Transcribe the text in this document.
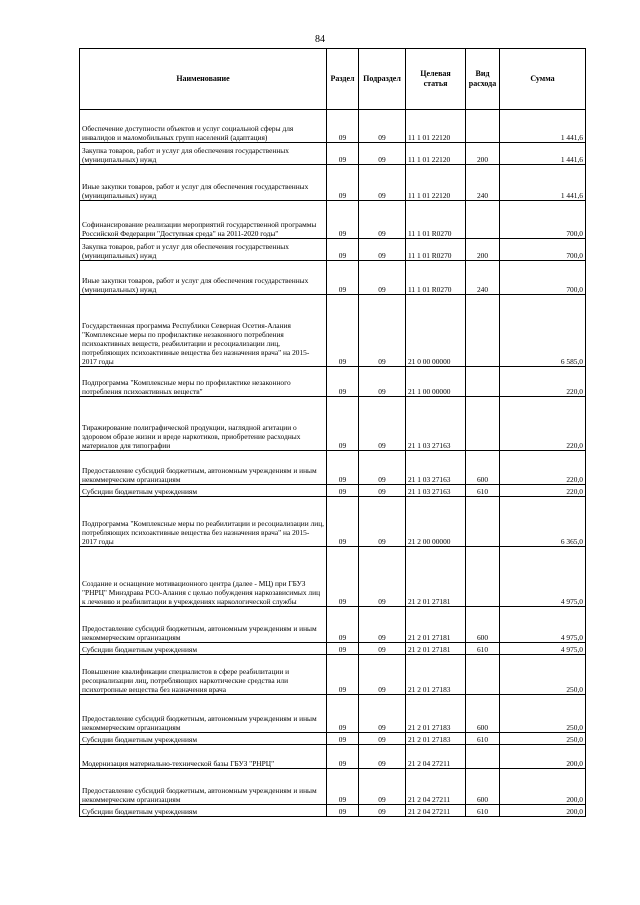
84
Наименование	Раздел	Подраздел	Целевая статья	Вид расхода	Сумма
Обеспечение доступности объектов и услуг социальной сферы для инвалидов и маломобильных групп населений (адаптация)	09	09	11 1 01 22120		1 441,6
Закупка товаров, работ и услуг для обеспечения государственных (муниципальных) нужд	09	09	11 1 01 22120	200	1 441,6
Иные закупки товаров, работ и услуг для обеспечения государственных (муниципальных) нужд	09	09	11 1 01 22120	240	1 441,6
Софинансирование реализации мероприятий государственной программы Российской Федерации "Доступная среда" на 2011-2020 годы"	09	09	11 1 01 R0270		700,0
Закупка товаров, работ и услуг для обеспечения государственных (муниципальных) нужд	09	09	11 1 01 R0270	200	700,0
Иные закупки товаров, работ и услуг для обеспечения государственных (муниципальных) нужд	09	09	11 1 01 R0270	240	700,0
Государственная программа Республики Северная Осетия-Алания "Комплексные меры по профилактике незаконного потребления психоактивных веществ, реабилитации и ресоциализации лиц, потребляющих психоактивные вещества без назначения врача" на 2015-2017 годы	09	09	21 0 00 00000		6 585,0
Подпрограмма "Комплексные меры по профилактике незаконного потребления психоактивных веществ"	09	09	21 1 00 00000		220,0
Тиражирование полиграфической продукции, наглядной агитации о здоровом образе жизни и вреде наркотиков, приобретение расходных материалов для типографии	09	09	21 1 03 27163		220,0
Предоставление субсидий бюджетным, автономным учреждениям и иным некоммерческим организациям	09	09	21 1 03 27163	600	220,0
Субсидии бюджетным учреждениям	09	09	21 1 03 27163	610	220,0
Подпрограмма "Комплексные меры по реабилитации и ресоциализации лиц, потребляющих психоактивные вещества без назначения врача" на 2015-2017 годы	09	09	21 2 00 00000		6 365,0
Создание и оснащение мотивационного центра (далее - МЦ) при ГБУЗ "РНРЦ" Минздрава РСО-Алания с целью побуждения наркозависимых лиц к лечению и реабилитации в учреждениях наркологической службы	09	09	21 2 01 27181		4 975,0
Предоставление субсидий бюджетным, автономным учреждениям и иным некоммерческим организациям	09	09	21 2 01 27181	600	4 975,0
Субсидии бюджетным учреждениям	09	09	21 2 01 27181	610	4 975,0
Повышение квалификации специалистов в сфере реабилитации и ресоциализации лиц, потребляющих наркотические средства или психотропные вещества без назначения врача	09	09	21 2 01 27183		250,0
Предоставление субсидий бюджетным, автономным учреждениям и иным некоммерческим организациям	09	09	21 2 01 27183	600	250,0
Субсидии бюджетным учреждениям	09	09	21 2 01 27183	610	250,0
Модернизация материально-технической базы ГБУЗ "РНРЦ"	09	09	21 2 04 27211		200,0
Предоставление субсидий бюджетным, автономным учреждениям и иным некоммерческим организациям	09	09	21 2 04 27211	600	200,0
Субсидии бюджетным учреждениям	09	09	21 2 04 27211	610	200,0
